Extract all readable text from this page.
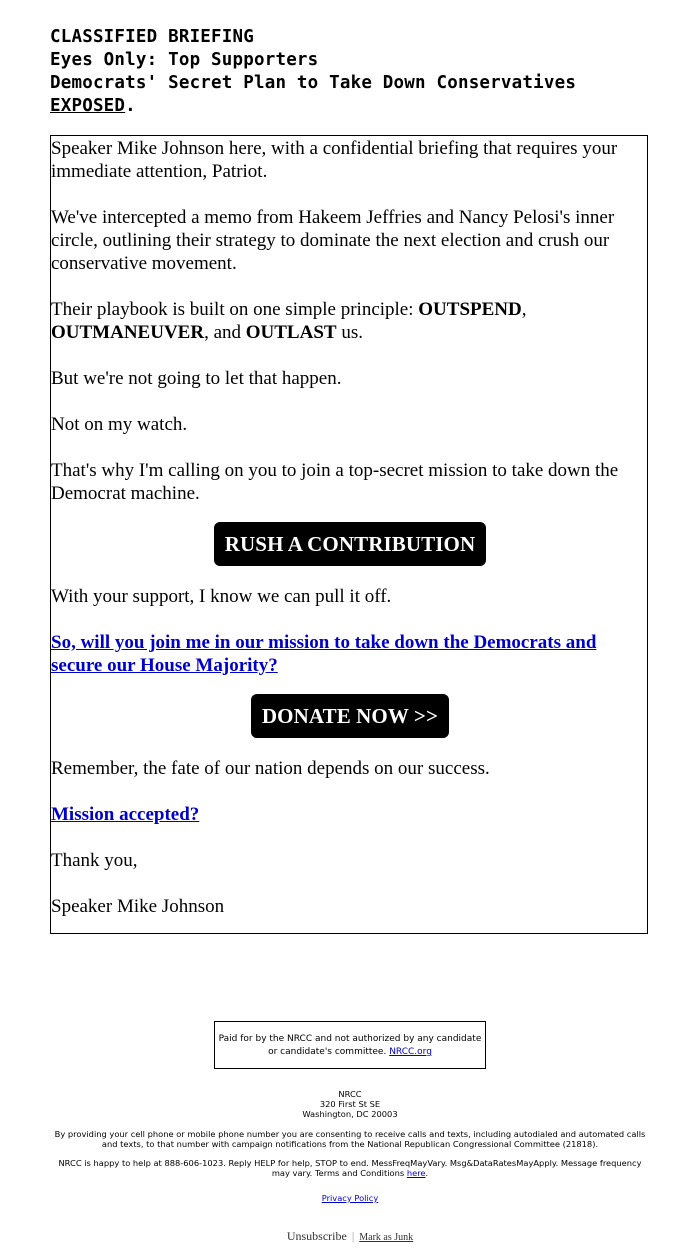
CLASSIFIED BRIEFING
Eyes Only: Top Supporters
Democrats' Secret Plan to Take Down Conservatives
EXPOSED.

Speaker Mike Johnson here, with a confidential briefing that requires your immediate attention, Patriot.

We've intercepted a memo from Hakeem Jeffries and Nancy Pelosi's inner circle, outlining their strategy to dominate the next election and crush our conservative movement.

Their playbook is built on one simple principle: OUTSPEND, OUTMANEUVER, and OUTLAST us.

But we're not going to let that happen.

Not on my watch.

That's why I'm calling on you to join a top-secret mission to take down the Democrat machine.

RUSH A CONTRIBUTION

With your support, I know we can pull it off.

So, will you join me in our mission to take down the Democrats and secure our House Majority?

DONATE NOW >>

Remember, the fate of our nation depends on our success.

Mission accepted?

Thank you,

Speaker Mike Johnson

Paid for by the NRCC and not authorized by any candidate or candidate's committee. NRCC.org
NRCC
320 First St SE
Washington, DC 20003
By providing your cell phone or mobile phone number you are consenting to receive calls and texts, including autodialed and automated calls and texts, to that number with campaign notifications from the National Republican Congressional Committee (21818).
NRCC is happy to help at 888-606-1023. Reply HELP for help, STOP to end. MessFreqMayVary. Msg&DataRatesMayApply. Message frequency may vary. Terms and Conditions here.
Privacy Policy
Unsubscribe | Mark as Junk
